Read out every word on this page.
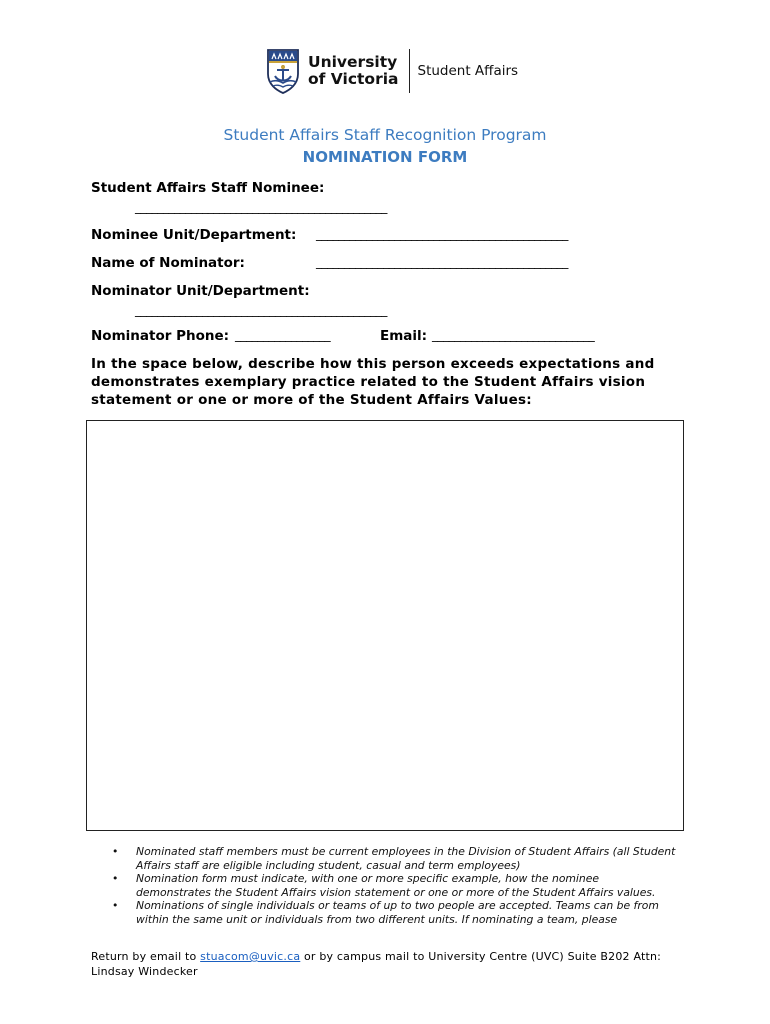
University
of Victoria Student Affairs
Student Affairs Staff Recognition Program
NOMINATION FORM
Student Affairs Staff Nominee:
_____________________________________________
Nominee Unit/Department: _____________________________________________
Name of Nominator:	_____________________________________________
Nominator Unit/Department:
_____________________________________________
Nominator Phone: _________________	Email: _____________________________
In the space below, describe how this person exceeds expectations and demonstrates exemplary practice related to the Student Affairs vision statement or one or more of the Student Affairs Values:
• Nominated staff members must be current employees in the Division of Student Affairs (all Student Affairs staff are eligible including student, casual and term employees)
• Nomination form must indicate, with one or more specific example, how the nominee demonstrates the Student Affairs vision statement or one or more of the Student Affairs values.
• Nominations of single individuals or teams of up to two people are accepted. Teams can be from within the same unit or individuals from two different units. If nominating a team, please
Return by email to stuacom@uvic.ca or by campus mail to University Centre (UVC) Suite B202 Attn: Lindsay Windecker
